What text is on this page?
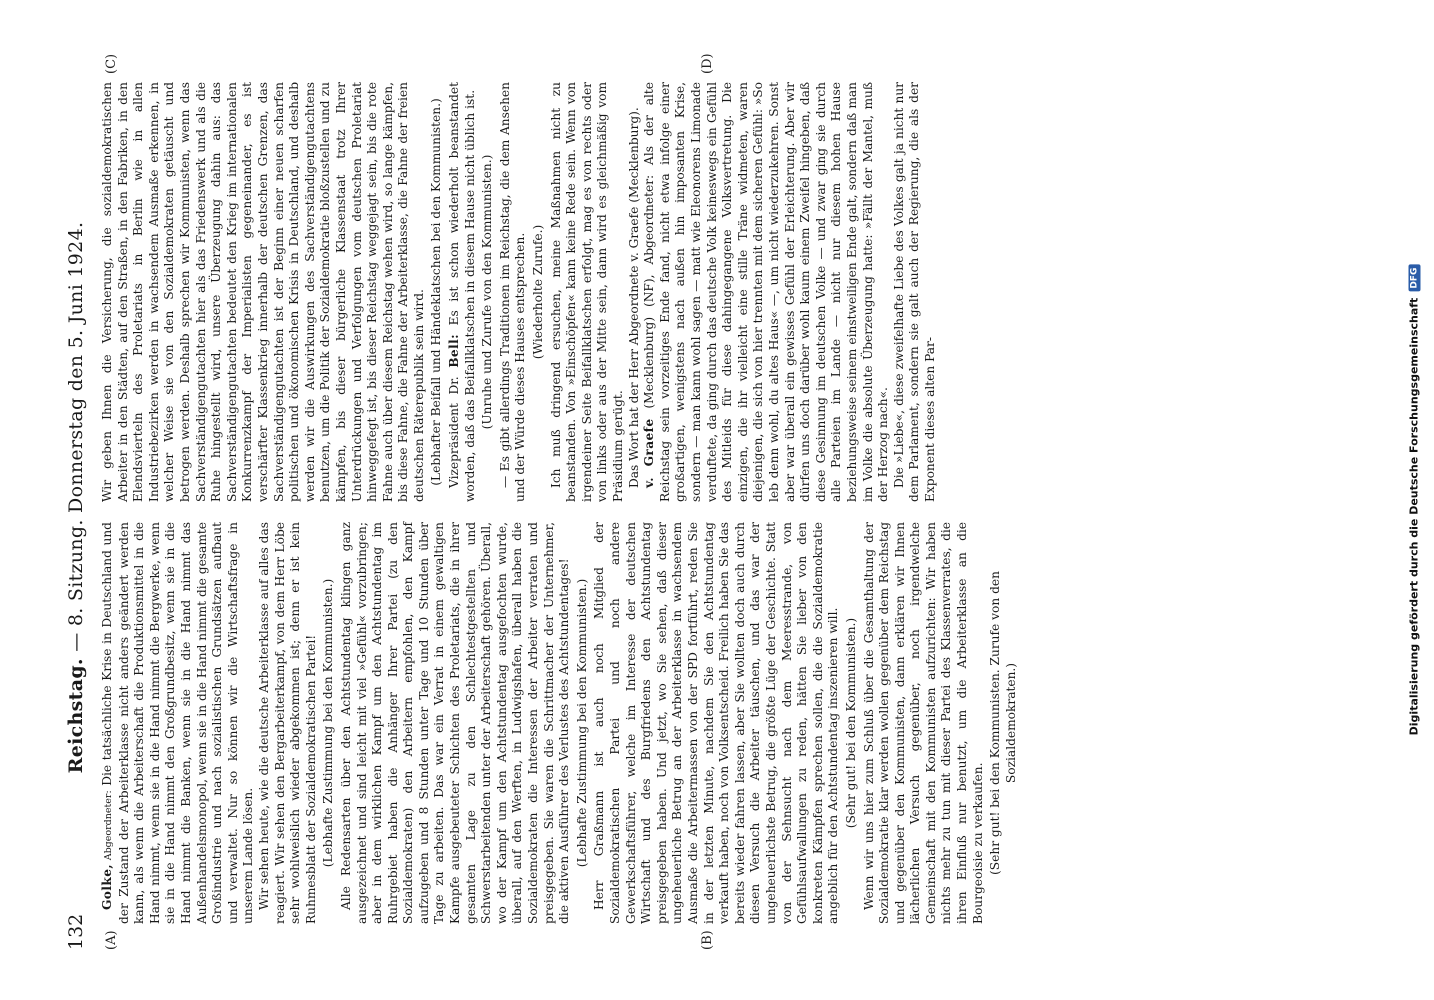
132
Reichstag. — 8. Sitzung. Donnerstag den 5. Juni 1924.
(A)	(B)
(C)	(D)

Golke, Abgeordneter: Die tatsächliche Krise in Deutschland und der Zustand der Arbeiterklasse nicht anders geändert werden kann, als wenn die Arbeiterschaft die Produktionsmittel in die Hand nimmt, wenn sie in die Hand nimmt die Bergwerke, wenn sie in die Hand nimmt den Großgrundbesitz, wenn sie in die Hand nimmt die Banken, wenn sie in die Hand nimmt das Außenhandelsmonopol, wenn sie in die Hand nimmt die gesamte Großindustrie und nach sozialistischen Grundsätzen aufbaut und verwaltet. Nur so können wir die Wirtschaftsfrage in unserem Lande lösen. Wir sehen heute, wie die deutsche Arbeiterklasse auf alles das reagiert. Wir sehen den Bergarbeiterkampf, von dem Herr Löbe sehr wohlweislich wieder abgekommen ist; denn er ist kein Ruhmesblatt der Sozialdemokratischen Partei! (Lebhafte Zustimmung bei den Kommunisten.) Alle Redensarten über den Achtstundentag klingen ganz ausgezeichnet und sind leicht mit viel »Gefühl« vorzubringen; aber in dem wirklichen Kampf um den Achtstundentag im Ruhrgebiet haben die Anhänger Ihrer Partei (zu den Sozialdemokraten) den Arbeitern empfohlen, den Kampf aufzugeben und 8 Stunden unter Tage und 10 Stunden über Tage zu arbeiten. Das war ein Verrat in einem gewaltigen Kampfe ausgebeuteter Schichten des Proletariats, die in ihrer gesamten Lage zu den Schlechtestgestellten und Schwerstarbeitenden unter der Arbeiterschaft gehören. Überall, wo der Kampf um den Achtstundentag ausgefochten wurde, überall, auf den Werften, in Ludwigshafen, überall haben die Sozialdemokraten die Interessen der Arbeiter verraten und preisgegeben. Sie waren die Schrittmacher der Unternehmer, die aktiven Ausführer des Verlustes des Achtstundentages! (Lebhafte Zustimmung bei den Kommunisten.) Herr Graßmann ist auch noch Mitglied der Sozialdemokratischen Partei und noch andere Gewerkschaftsführer, welche im Interesse der deutschen Wirtschaft und des Burgfriedens den Achtstundentag preisgegeben haben. Und jetzt, wo Sie sehen, daß dieser ungeheuerliche Betrug an der Arbeiterklasse in wachsendem Ausmaße die Arbeitermassen von der SPD fortführt, reden Sie in der letzten Minute, nachdem Sie den Achtstundentag verkauft haben, noch von Volksentscheid. Freilich haben Sie das bereits wieder fahren lassen, aber Sie wollten doch auch durch diesen Versuch die Arbeiter täuschen, und das war der ungeheuerlichste Betrug, die größte Lüge der Geschichte. Statt von der Sehnsucht nach dem Meeresstrande, von Gefühlsaufwallungen zu reden, hätten Sie lieber von den konkreten Kämpfen sprechen sollen, die die Sozialdemokratie angeblich für den Achtstundentag inszenieren will. (Sehr gut! bei den Kommunisten.) Wenn wir uns hier zum Schluß über die Gesamthaltung der Sozialdemokratie klar werden wollen gegenüber dem Reichstag und gegenüber den Kommunisten, dann erklären wir Ihnen lächerlichen Versuch gegenüber, noch irgendwelche Gemeinschaft mit den Kommunisten aufzurichten: Wir haben nichts mehr zu tun mit dieser Partei des Klassenverrates, die ihren Einfluß nur benutzt, um die Arbeiterklasse an die Bourgeoisie zu verkaufen. (Sehr gut! bei den Kommunisten. Zurufe von den Sozialdemokraten.)

Wir geben Ihnen die Versicherung, die sozialdemokratischen Arbeiter in den Städten, auf den Straßen, in den Fabriken, in den Elendsvierteln des Proletariats in Berlin wie in allen Industriebezirken werden in wachsendem Ausmaße erkennen, in welcher Weise sie von den Sozialdemokraten getäuscht und betrogen werden. Deshalb sprechen wir Kommunisten, wenn das Sachverständigengutachten hier als das Friedenswerk und als die Ruhe hingestellt wird, unsere Überzeugung dahin aus: das Sachverständigengutachten bedeutet den Krieg im internationalen Konkurrenzkampf der Imperialisten gegeneinander, es ist verschärfter Klassenkrieg innerhalb der deutschen Grenzen, das Sachverständigengutachten ist der Beginn einer neuen scharfen politischen und ökonomischen Krisis in Deutschland, und deshalb werden wir die Auswirkungen des Sachverständigengutachtens benutzen, um die Politik der Sozialdemokratie bloßzustellen und zu kämpfen, bis dieser bürgerliche Klassenstaat trotz Ihrer Unterdrückungen und Verfolgungen vom deutschen Proletariat hinweggefegt ist, bis dieser Reichstag weggejagt sein, bis die rote Fahne auch über diesem Reichstag wehen wird, so lange kämpfen, bis diese Fahne, die Fahne der Arbeiterklasse, die Fahne der freien deutschen Räterepublik sein wird. (Lebhafter Beifall und Händeklatschen bei den Kommunisten.) Vizepräsident Dr. Bell: Es ist schon wiederholt beanstandet worden, daß das Beifallklatschen in diesem Hause nicht üblich ist. (Unruhe und Zurufe von den Kommunisten.) — Es gibt allerdings Traditionen im Reichstag, die dem Ansehen und der Würde dieses Hauses entsprechen. (Wiederholte Zurufe.) Ich muß dringend ersuchen, meine Maßnahmen nicht zu beanstanden. Von »Einschöpfen« kann keine Rede sein. Wenn von irgendeiner Seite Beifallklatschen erfolgt, mag es von rechts oder von links oder aus der Mitte sein, dann wird es gleichmäßig vom Präsidium gerügt. Das Wort hat der Herr Abgeordnete v. Graefe (Mecklenburg). v. Graefe (Mecklenburg) (NF), Abgeordneter: Als der alte Reichstag sein vorzeitiges Ende fand, nicht etwa infolge einer großartigen, wenigstens nach außen hin imposanten Krise, sondern — man kann wohl sagen — matt wie Eleonorens Limonade verduftete, da ging durch das deutsche Volk keineswegs ein Gefühl des Mitleids für diese dahingegangene Volksvertretung. Die einzigen, die ihr vielleicht eine stille Träne widmeten, waren diejenigen, die sich von hier trennten mit dem sicheren Gefühl: »So leb denn wohl, du altes Haus« —, um nicht wiederzukehren. Sonst aber war überall ein gewisses Gefühl der Erleichterung. Aber wir dürfen uns doch darüber wohl kaum einem Zweifel hingeben, daß diese Gesinnung im deutschen Volke — und zwar ging sie durch alle Parteien im Lande — nicht nur diesem hohen Hause beziehungsweise seinem einstweiligen Ende galt, sondern daß man im Volke die absolute Überzeugung hatte: »Fällt der Mantel, muß der Herzog nach«. Die »Liebe«, diese zweifelhafte Liebe des Volkes galt ja nicht nur dem Parlament, sondern sie galt auch der Regierung, die als der Exponent dieses alten Par-	Digitalisierung gefördert durch die Deutsche Forschungsgemeinschaft
DFG
